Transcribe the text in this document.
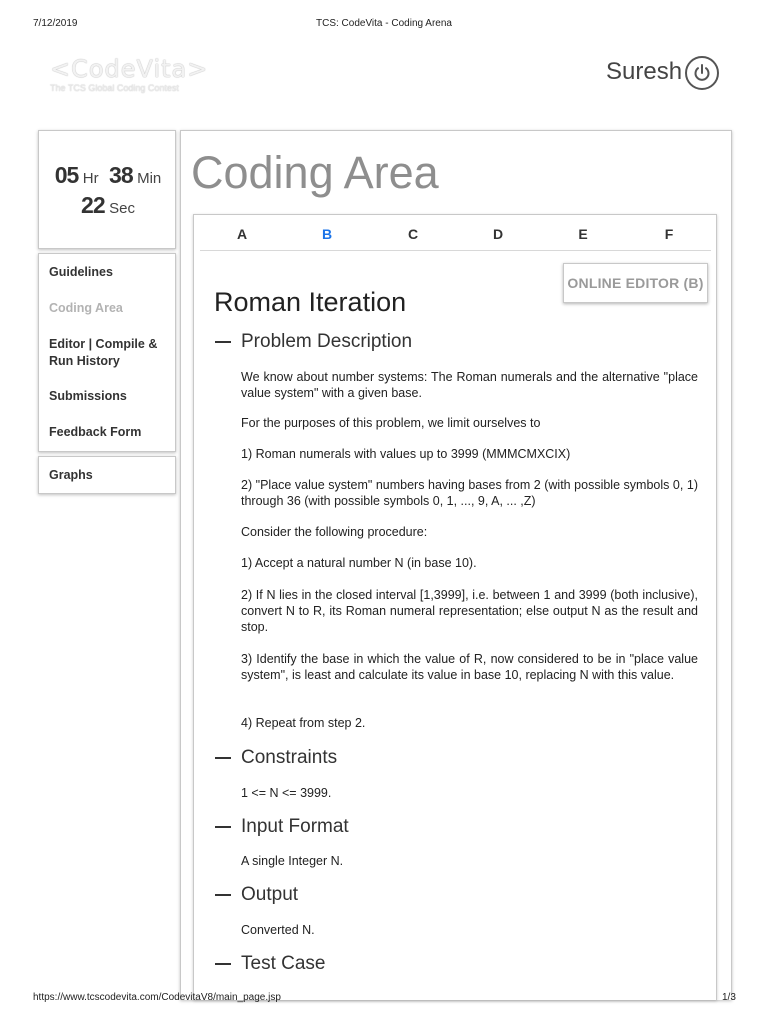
7/12/2019	TCS: CodeVita - Coding Arena
<CodeVita>
The TCS Global Coding Contest
Suresh
05 Hr 38 Min
22 Sec
Guidelines
Coding Area
Editor | Compile & Run History
Submissions
Feedback Form
Graphs
Coding Area
A	B	C	D	E	F
ONLINE EDITOR (B)
Roman Iteration
Problem Description
We know about number systems: The Roman numerals and the alternative "place value system" with a given base.
For the purposes of this problem, we limit ourselves to
1) Roman numerals with values up to 3999 (MMMCMXCIX)
2) "Place value system" numbers having bases from 2 (with possible symbols 0, 1) through 36 (with possible symbols 0, 1, ..., 9, A, ... ,Z)
Consider the following procedure:
1) Accept a natural number N (in base 10).
2) If N lies in the closed interval [1,3999], i.e. between 1 and 3999 (both inclusive), convert N to R, its Roman numeral representation; else output N as the result and stop.
3) Identify the base in which the value of R, now considered to be in "place value system", is least and calculate its value in base 10, replacing N with this value.
4) Repeat from step 2.
Constraints
1 <= N <= 3999.
Input Format
A single Integer N.
Output
Converted N.
Test Case
https://www.tcscodevita.com/CodevitaV8/main_page.jsp	1/3
